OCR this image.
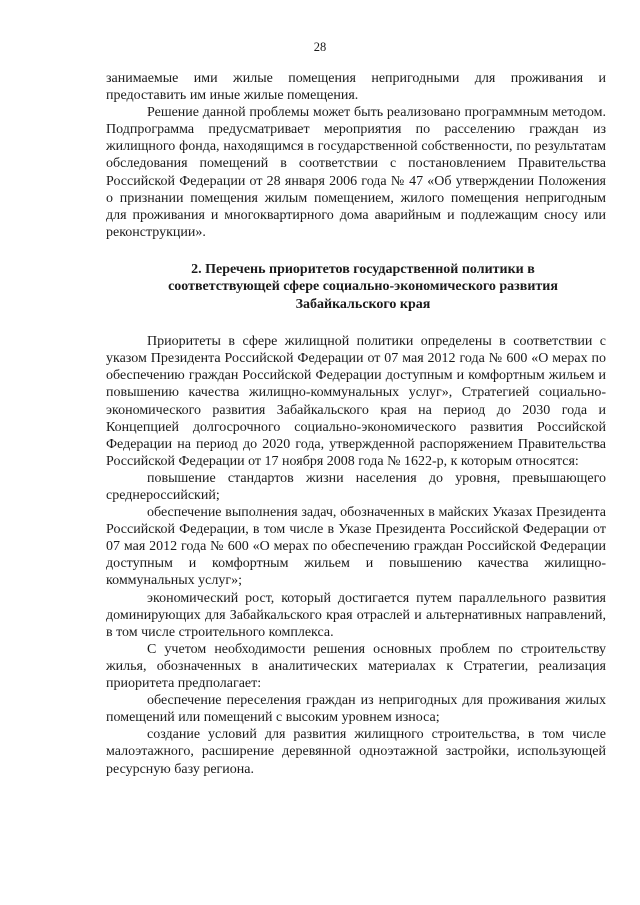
28

занимаемые ими жилые помещения непригодными для проживания и предоставить им иные жилые помещения.

Решение данной проблемы может быть реализовано программным методом. Подпрограмма предусматривает мероприятия по расселению граждан из жилищного фонда, находящимся в государственной собственности, по результатам обследования помещений в соответствии с постановлением Правительства Российской Федерации от 28 января 2006 года № 47 «Об утверждении Положения о признании помещения жилым помещением, жилого помещения непригодным для проживания и многоквартирного дома аварийным и подлежащим сносу или реконструкции».

2. Перечень приоритетов государственной политики в

соответствующей сфере социально-экономического развития

Забайкальского края

Приоритеты в сфере жилищной политики определены в соответствии с указом Президента Российской Федерации от 07 мая 2012 года № 600 «О мерах по обеспечению граждан Российской Федерации доступным и комфортным жильем и повышению качества жилищно-коммунальных услуг», Стратегией социально-экономического развития Забайкальского края на период до 2030 года и Концепцией долгосрочного социально-экономического развития Российской Федерации на период до 2020 года, утвержденной распоряжением Правительства Российской Федерации от 17 ноября 2008 года № 1622-р, к которым относятся:

повышение стандартов жизни населения до уровня, превышающего среднероссийский;

обеспечение выполнения задач, обозначенных в майских Указах Президента Российской Федерации, в том числе в Указе Президента Российской Федерации от 07 мая 2012 года № 600 «О мерах по обеспечению граждан Российской Федерации доступным и комфортным жильем и повышению качества жилищно-коммунальных услуг»;

экономический рост, который достигается путем параллельного развития доминирующих для Забайкальского края отраслей и альтернативных направлений, в том числе строительного комплекса.

С учетом необходимости решения основных проблем по строительству жилья, обозначенных в аналитических материалах к Стратегии, реализация приоритета предполагает:

обеспечение переселения граждан из непригодных для проживания жилых помещений или помещений с высоким уровнем износа;

создание условий для развития жилищного строительства, в том числе малоэтажного, расширение деревянной одноэтажной застройки, использующей ресурсную базу региона.
